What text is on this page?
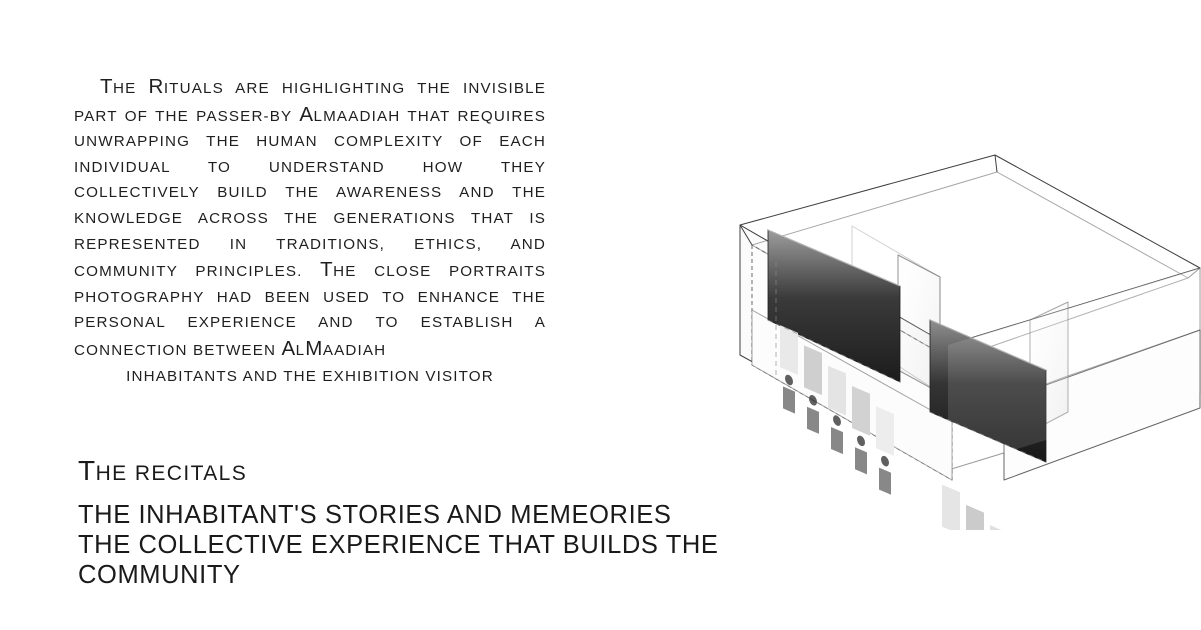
THE RITUALS ARE HIGHLIGHTING THE INVISIBLE PART OF THE PASSER-BY ALMAADIAH THAT REQUIRES UNWRAPPING THE HUMAN COMPLEXITY OF EACH INDIVIDUAL TO UNDERSTAND HOW THEY COLLECTIVELY BUILD THE AWARENESS AND THE KNOWLEDGE ACROSS THE GENERATIONS THAT IS REPRESENTED IN TRADITIONS, ETHICS, AND COMMUNITY PRINCIPLES. THE CLOSE PORTRAITS PHOTOGRAPHY HAD BEEN USED TO ENHANCE THE PERSONAL EXPERIENCE AND TO ESTABLISH A CONNECTION BETWEEN ALMAADIAH
INHABITANTS AND THE EXHIBITION VISITOR
THE RECITALS
THE INHABITANT'S STORIES AND MEMEORIES
THE COLLECTIVE EXPERIENCE THAT BUILDS THE
COMMUNITY
